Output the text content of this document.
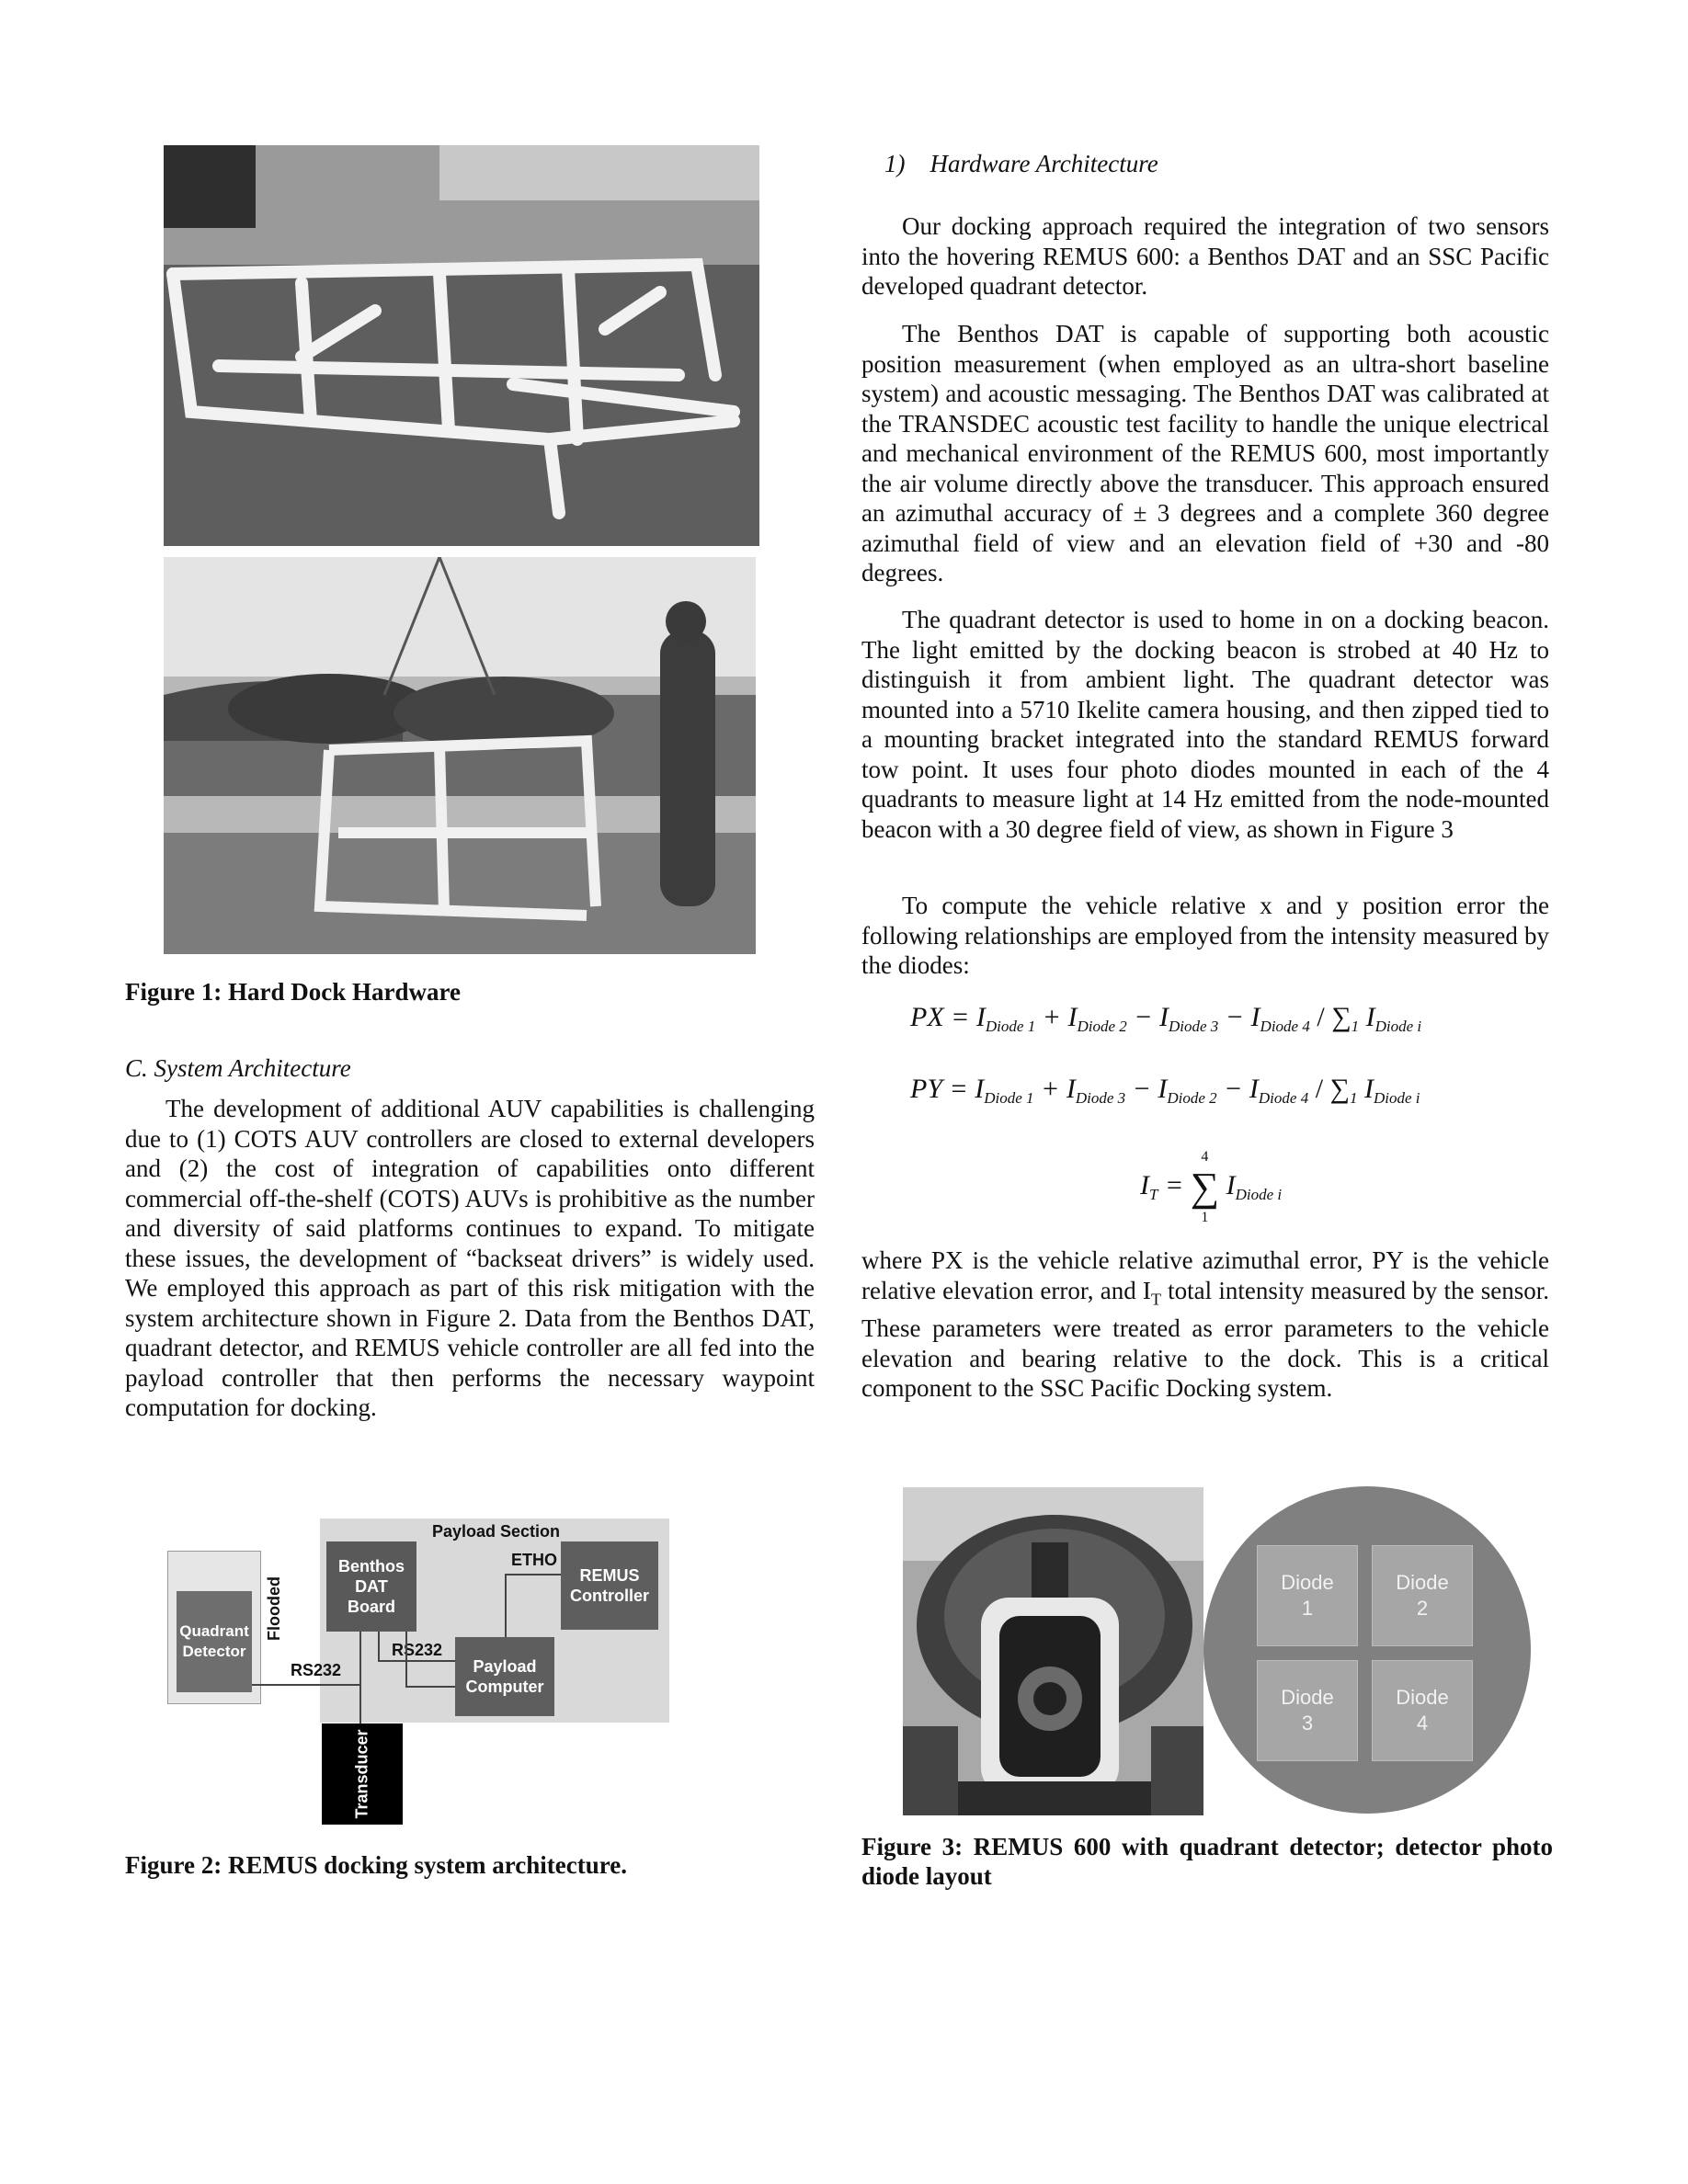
Figure 1: Hard Dock Hardware
C. System Architecture

The development of additional AUV capabilities is challenging due to (1) COTS AUV controllers are closed to external developers and (2) the cost of integration of capabilities onto different commercial off-the-shelf (COTS) AUVs is prohibitive as the number and diversity of said platforms continues to expand. To mitigate these issues, the development of “backseat drivers” is widely used. We employed this approach as part of this risk mitigation with the system architecture shown in Figure 2. Data from the Benthos DAT, quadrant detector, and REMUS vehicle controller are all fed into the payload controller that then performs the necessary waypoint computation for docking.

Payload Section
Benthos
DAT
Board
REMUS
Controller
Payload
Computer
Quadrant
Detector
Flooded
Transducer
ETHO
RS232
RS232
Figure 2: REMUS docking system architecture.
1)    Hardware Architecture

Our docking approach required the integration of two sensors into the hovering REMUS 600: a Benthos DAT and an SSC Pacific developed quadrant detector.

The Benthos DAT is capable of supporting both acoustic position measurement (when employed as an ultra-short baseline system) and acoustic messaging. The Benthos DAT was calibrated at the TRANSDEC acoustic test facility to handle the unique electrical and mechanical environment of the REMUS 600, most importantly the air volume directly above the transducer. This approach ensured an azimuthal accuracy of ± 3 degrees and a complete 360 degree azimuthal field of view and an elevation field of +30 and -80 degrees.

The quadrant detector is used to home in on a docking beacon. The light emitted by the docking beacon is strobed at 40 Hz to distinguish it from ambient light. The quadrant detector was mounted into a 5710 Ikelite camera housing, and then zipped tied to a mounting bracket integrated into the standard REMUS forward tow point. It uses four photo diodes mounted in each of the 4 quadrants to measure light at 14 Hz emitted from the node-mounted beacon with a 30 degree field of view, as shown in Figure 3

To compute the vehicle relative x and y position error the following relationships are employed from the intensity measured by the diodes:

PX = $I_{Diode 1} + I_{Diode 2} - I_{Diode 3} - I_{Diode 4} / \sum_1$ $I_{Diode i}$
PY = $I_{Diode 1} + I_{Diode 3} - I_{Diode 2} - I_{Diode 4} / \sum_1$ $I_{Diode i}$
$I_T$ =
4
∑
1
$I_{Diode i}$

where PX is the vehicle relative azimuthal error, PY is the vehicle relative elevation error, and $I_T$ total intensity measured by the sensor. These parameters were treated as error parameters to the vehicle elevation and bearing relative to the dock. This is a critical component to the SSC Pacific Docking system.

Diode
1
Diode
2
Diode
3
Diode
4
Figure 3: REMUS 600 with quadrant detector; detector photo diode layout
